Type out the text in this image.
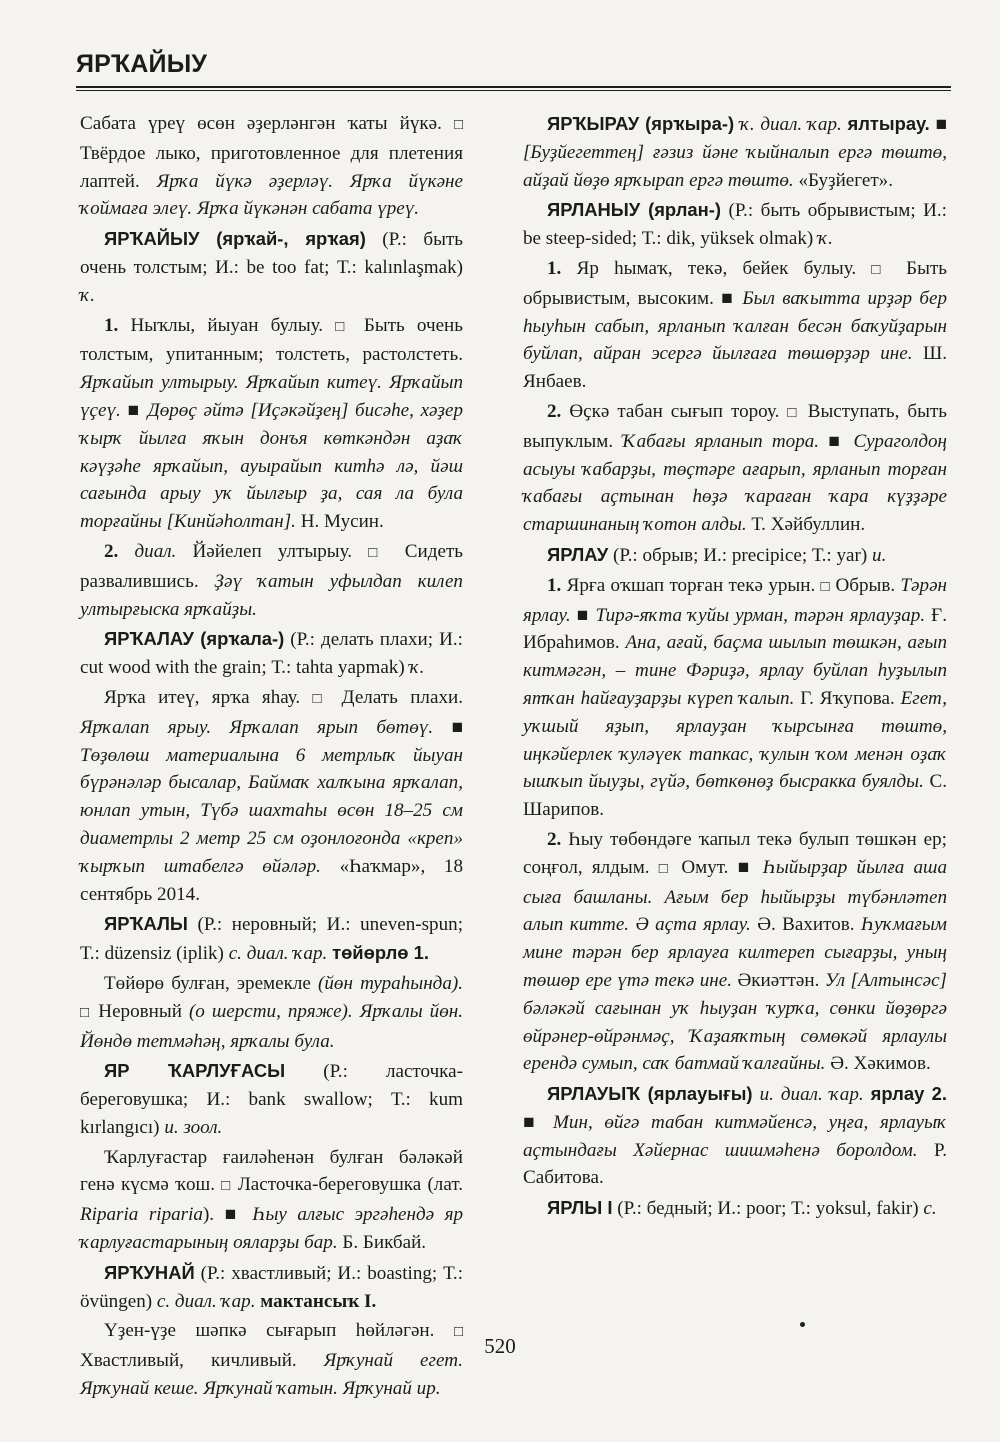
ЯРҠАЙЫУ

Сабата үреү өсөн әҙерләнгән ҡаты йүкә. □ Твёрдое лыко, приготовленное для плетения лаптей. Ярҡа йүкә әҙерләү. Ярҡа йүкәне ҡоймаға элеү. Ярҡа йүкәнән сабата үреү.

ЯРҠАЙЫУ (ярҡай-, ярҡая) (Р.: быть очень толстым; И.: be too fat; Т.: kalınlaşmak) ҡ.

1. Ныҡлы, йыуан булыу. □ Быть очень толстым, упитанным; толстеть, растолстеть. Ярҡайып ултырыу. Ярҡайып китеү. Ярҡайып үҫеү. ■ Дөрөҫ әйтә [Иҫәкәйҙең] бисәһе, хәҙер ҡырҡ йылға яҡын донъя көткәндән аҙаҡ кәүҙәһе ярҡайып, ауырайып китһә лә, йәш сағында арыу уҡ йылғыр ҙа, сая ла була торғайны [Кинйәһолтан]. Н. Мусин.

2. диал. Йәйелеп ултырыу. □ Сидеть развалившись. Ҙәү ҡатын уфылдап килеп ултырғыска ярҡайҙы.

ЯРҠАЛАУ (ярҡала-) (Р.: делать плахи; И.: cut wood with the grain; Т.: tahta yapmak) ҡ.

Ярҡа итеү, ярҡа яһау. □ Делать плахи. Ярҡалап ярыу. Ярҡалап ярып бөтөү. ■ Төҙөлөш материалына 6 метрлыҡ йыуан бүрәнәләр бысалар, Баймаҡ халҡына ярҡалап, юнлап утын, Түбә шахтаһы өсөн 18–25 см диаметрлы 2 метр 25 см оҙонлоғонда «креп» ҡырҡып штабелгә өйәләр. «Һаҡмар», 18 сентябрь 2014.

ЯРҠАЛЫ (Р.: неровный; И.: uneven-spun; Т.: düzensiz (iplik) с. диал. ҡар. төйөрлө 1.

Төйөрө булған, эремекле (йөн тураһында). □ Неровный (о шерсти, пряже). Ярҡалы йөн. Йөндө тетмәһәң, ярҡалы була.

ЯР ҠАРЛУҒАСЫ (Р.: ласточка-береговушка; И.: bank swallow; Т.: kum kırlangıcı) и. зоол.

Ҡарлуғастар ғаиләһенән булған бәләкәй генә күсмә ҡош. □ Ласточка-береговушка (лат. Riparia riparia). ■ Һыу алғыс эргәһендә яр ҡарлуғастарының ояларҙы бар. Б. Бикбай.

ЯРҠУНАЙ (Р.: хвастливый; И.: boasting; Т.: övüngen) с. диал. ҡар. мактансыҡ I.

Үҙен-үҙе шәпкә сығарып һөйләгән. □ Хвастливый, кичливый. Ярҡунай егет. Ярҡунай кеше. Ярҡунай ҡатын. Ярҡунай ир.

ЯРҠЫРАУ (ярҡыра-) ҡ. диал. ҡар. ялтырау. ■ [Буҙйегеттең] ғәзиз йәне ҡыйналып ергә төштө, айҙай йөҙө ярҡырап ергә төштө. «Буҙйегет».

ЯРЛАНЫУ (ярлан-) (Р.: быть обрывистым; И.: be steep-sided; Т.: dik, yüksek olmak) ҡ.

1. Яр һымаҡ, текә, бейек булыу. □ Быть обрывистым, высоким. ■ Был ваҡытта ирҙәр бер һыуһын сабып, ярланып ҡалған бесән баҡуйҙарын буйлап, айран эсергә йылғаға төшөрҙәр ине. Ш. Янбаев.

2. Өҫкә табан сығып тороу. □ Выступать, быть выпуклым. Ҡабағы ярланып тора. ■ Сураголдоң асыуы ҡабарҙы, төҫтәре ағарып, ярланып торған ҡабағы аҫтынан һөҙә ҡараған ҡара күҙҙәре старшинаның ҡотон алды. Т. Хәйбуллин.

ЯРЛАУ (Р.: обрыв; И.: precipice; Т.: yar) и.

1. Ярға оҡшап торған текә урын. □ Обрыв. Тәрән ярлау. ■ Тирә-яҡта ҡуйы урман, тәрән ярлауҙар. Ғ. Ибраһимов. Ана, ағай, баҫма шылып төшкән, ағып китмәгән, – тине Фәриҙә, ярлау буйлап һуҙылып ятҡан һайғауҙарҙы күреп ҡалып. Г. Яҡупова. Егет, уҡшый яҙып, ярлауҙан ҡырсынға төштө, иңкәйерлек ҡуләүек тапкас, ҡулын ҡом менән оҙаҡ ышҡып йыуҙы, гүйә, бөткөнөҙ бысракка буялды. С. Шарипов.

2. Һыу төбөндәге ҡапыл текә булып төшкән ер; соңғол, ялдым. □ Омут. ■ Һыйырҙар йылға аша сыға башланы. Ағым бер һыйырҙы түбәнләтеп алып китте. Ә аҫта ярлау. Ә. Вахитов. Һуҡмағым мине тәрән бер ярлауға килтереп сығарҙы, уның төшөр ере үтә текә ине. Әкиәттән. Ул [Алтынсәс] бәләкәй сағынан уҡ һыуҙан ҡурҡа, сөнки йөҙөргә өйрәнер-өйрәнмәҫ, Ҡаҙаяҡтың сөмөкәй ярлаулы ерендә сумып, саҡ батмай ҡалғайны. Ә. Хәкимов.

ЯРЛАУЫҠ (ярлауығы) и. диал. ҡар. ярлау 2. ■ Мин, өйгә табан китмәйенсә, уңға, ярлауыҡ аҫтындағы Хәйернас шишмәһенә боролдом. Р. Сабитова.

ЯРЛЫ I (Р.: бедный; И.: poor; Т.: yoksul, fakir) с.

520
